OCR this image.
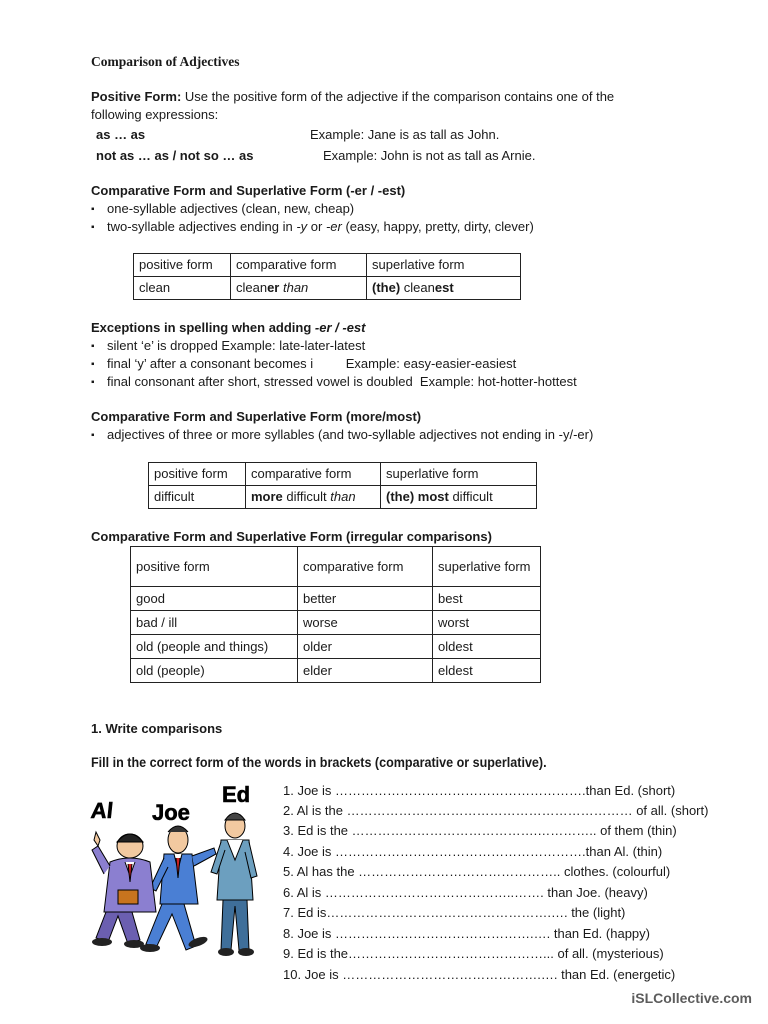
Comparison of Adjectives
Positive Form: Use the positive form of the adjective if the comparison contains one of the
following expressions:
as … as	Example: Jane is as tall as John.
not as … as / not so … as	Example: John is not as tall as Arnie.
Comparative Form and Superlative Form (-er / -est)
▪ one-syllable adjectives (clean, new, cheap)
▪ two-syllable adjectives ending in -y or -er (easy, happy, pretty, dirty, clever)
positive form	comparative form	superlative form
clean	cleaner than	(the) cleanest
Exceptions in spelling when adding -er / -est
▪ silent ‘e’ is dropped Example: late-later-latest
▪ final ‘y’ after a consonant becomes i         Example: easy-easier-easiest
▪ final consonant after short, stressed vowel is doubled  Example: hot-hotter-hottest
Comparative Form and Superlative Form (more/most)
▪ adjectives of three or more syllables (and two-syllable adjectives not ending in -y/-er)
positive form	comparative form	superlative form
difficult	more difficult than	(the) most difficult
Comparative Form and Superlative Form (irregular comparisons)
positive form	comparative form	superlative form
good	better	best
bad / ill	worse	worst
old (people and things)	older	oldest
old (people)	elder	eldest
1. Write comparisons
Fill in the correct form of the words in brackets (comparative or superlative).
1. Joe is ………………………………………………….than Ed. (short)
2. Al is the ………………………………………………………… of all. (short)
3. Ed is the …………………………………….………….. of them (thin)
4. Joe is ………………………………………………….than Al. (thin)
5. Al has the ……………………………………….. clothes. (colourful)
6. Al is ……………………………………..……. than Joe. (heavy)
7. Ed is…………………………………………….…. the (light)
8. Joe is ……………………………………….…. than Ed. (happy)
9. Ed is the………………………………………... of all. (mysterious)
10. Joe is ……………………………………….…. than Ed. (energetic)
Al Joe
Ed
iSLCollective.com
